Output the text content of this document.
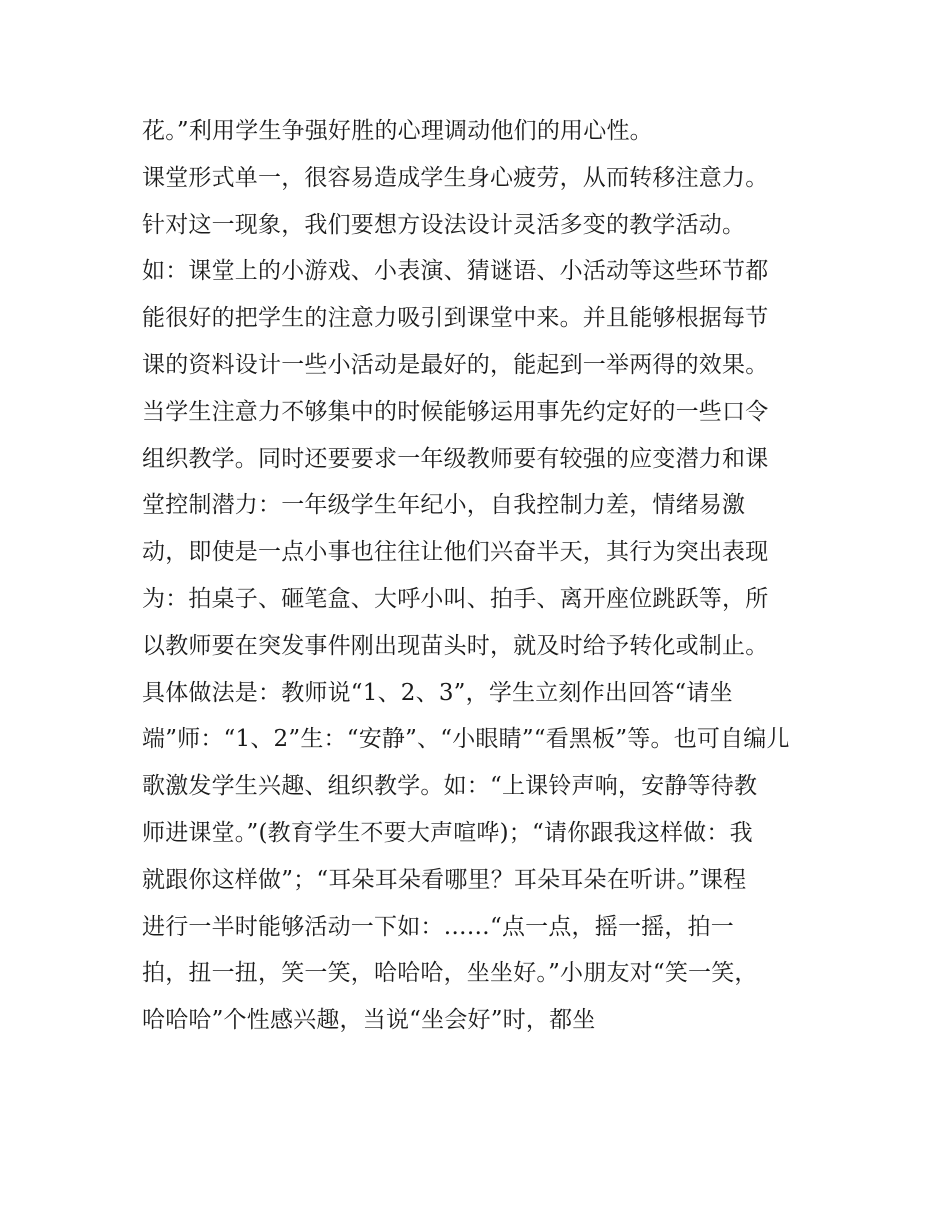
花。”利用学生争强好胜的心理调动他们的用心性。
课堂形式单一，很容易造成学生身心疲劳，从而转移注意力。
针对这一现象，我们要想方设法设计灵活多变的教学活动。
如：课堂上的小游戏、小表演、猜谜语、小活动等这些环节都
能很好的把学生的注意力吸引到课堂中来。并且能够根据每节
课的资料设计一些小活动是最好的，能起到一举两得的效果。
当学生注意力不够集中的时候能够运用事先约定好的一些口令
组织教学。同时还要要求一年级教师要有较强的应变潜力和课
堂控制潜力：一年级学生年纪小，自我控制力差，情绪易激
动，即使是一点小事也往往让他们兴奋半天，其行为突出表现
为：拍桌子、砸笔盒、大呼小叫、拍手、离开座位跳跃等，所
以教师要在突发事件刚出现苗头时，就及时给予转化或制止。
具体做法是：教师说“1、2、3”，学生立刻作出回答“请坐
端”师：“1、2”生：“安静”、“小眼睛”“看黑板”等。也可自编儿
歌激发学生兴趣、组织教学。如：“上课铃声响，安静等待教
师进课堂。”(教育学生不要大声喧哗)；“请你跟我这样做：我
就跟你这样做”；“耳朵耳朵看哪里？耳朵耳朵在听讲。”课程
进行一半时能够活动一下如：……“点一点，摇一摇，拍一
拍，扭一扭，笑一笑，哈哈哈，坐坐好。”小朋友对“笑一笑，
哈哈哈”个性感兴趣，当说“坐会好”时，都坐
